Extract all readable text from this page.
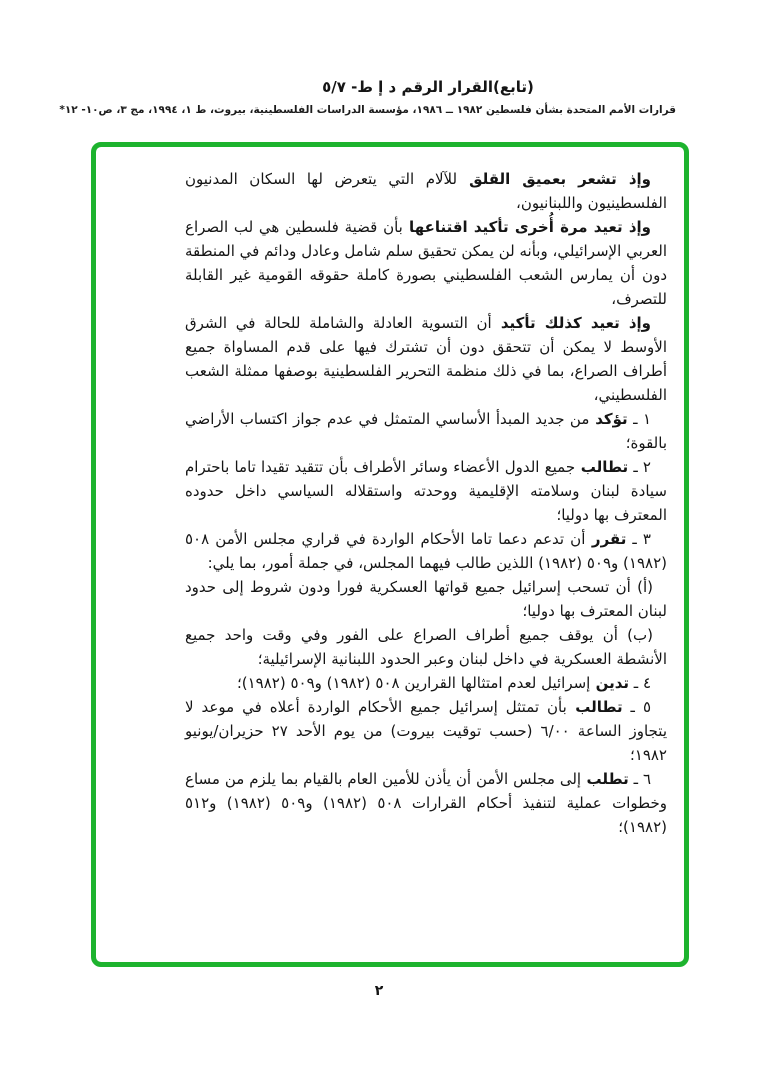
(تابع)القرار الرقم د إ ط- ٥/٧
قرارات الأمم المتحدة بشأن فلسطين ١٩٨٢ ــ ١٩٨٦، مؤسسة الدراسات الفلسطينية، بيروت، ط ١، ١٩٩٤، مج ٣، ص١٠- ١٢*

وإذ تشعر بعميق القلق للآلام التي يتعرض لها السكان المدنيون الفلسطينيون واللبنانيون،

وإذ تعيد مرة أُخرى تأكيد اقتناعها بأن قضية فلسطين هي لب الصراع العربي الإسرائيلي، وبأنه لن يمكن تحقيق سلم شامل وعادل ودائم في المنطقة دون أن يمارس الشعب الفلسطيني بصورة كاملة حقوقه القومية غير القابلة للتصرف،

وإذ تعيد كذلك تأكيد أن التسوية العادلة والشاملة للحالة في الشرق الأوسط لا يمكن أن تتحقق دون أن تشترك فيها على قدم المساواة جميع أطراف الصراع، بما في ذلك منظمة التحرير الفلسطينية بوصفها ممثلة الشعب الفلسطيني،

١ ـ تؤكد من جديد المبدأ الأساسي المتمثل في عدم جواز اكتساب الأراضي بالقوة؛

٢ ـ تطالب جميع الدول الأعضاء وسائر الأطراف بأن تتقيد تقيدا تاما باحترام سيادة لبنان وسلامته الإقليمية ووحدته واستقلاله السياسي داخل حدوده المعترف بها دوليا؛

٣ ـ تقرر أن تدعم دعما تاما الأحكام الواردة في قراري مجلس الأمن ٥٠٨ (١٩٨٢) و٥٠٩ (١٩٨٢) اللذين طالب فيهما المجلس، في جملة أمور، بما يلي:

(أ) أن تسحب إسرائيل جميع قواتها العسكرية فورا ودون شروط إلى حدود لبنان المعترف بها دوليا؛

(ب) أن يوقف جميع أطراف الصراع على الفور وفي وقت واحد جميع الأنشطة العسكرية في داخل لبنان وعبر الحدود اللبنانية الإسرائيلية؛

٤ ـ تدين إسرائيل لعدم امتثالها القرارين ٥٠٨ (١٩٨٢) و٥٠٩ (١٩٨٢)؛

٥ ـ تطالب بأن تمتثل إسرائيل جميع الأحكام الواردة أعلاه في موعد لا يتجاوز الساعة ٦/٠٠ (حسب توقيت بيروت) من يوم الأحد ٢٧ حزيران/يونيو ١٩٨٢؛

٦ ـ تطلب إلى مجلس الأمن أن يأذن للأمين العام بالقيام بما يلزم من مساع وخطوات عملية لتنفيذ أحكام القرارات ٥٠٨ (١٩٨٢) و٥٠٩ (١٩٨٢) و٥١٢ (١٩٨٢)؛

٢
